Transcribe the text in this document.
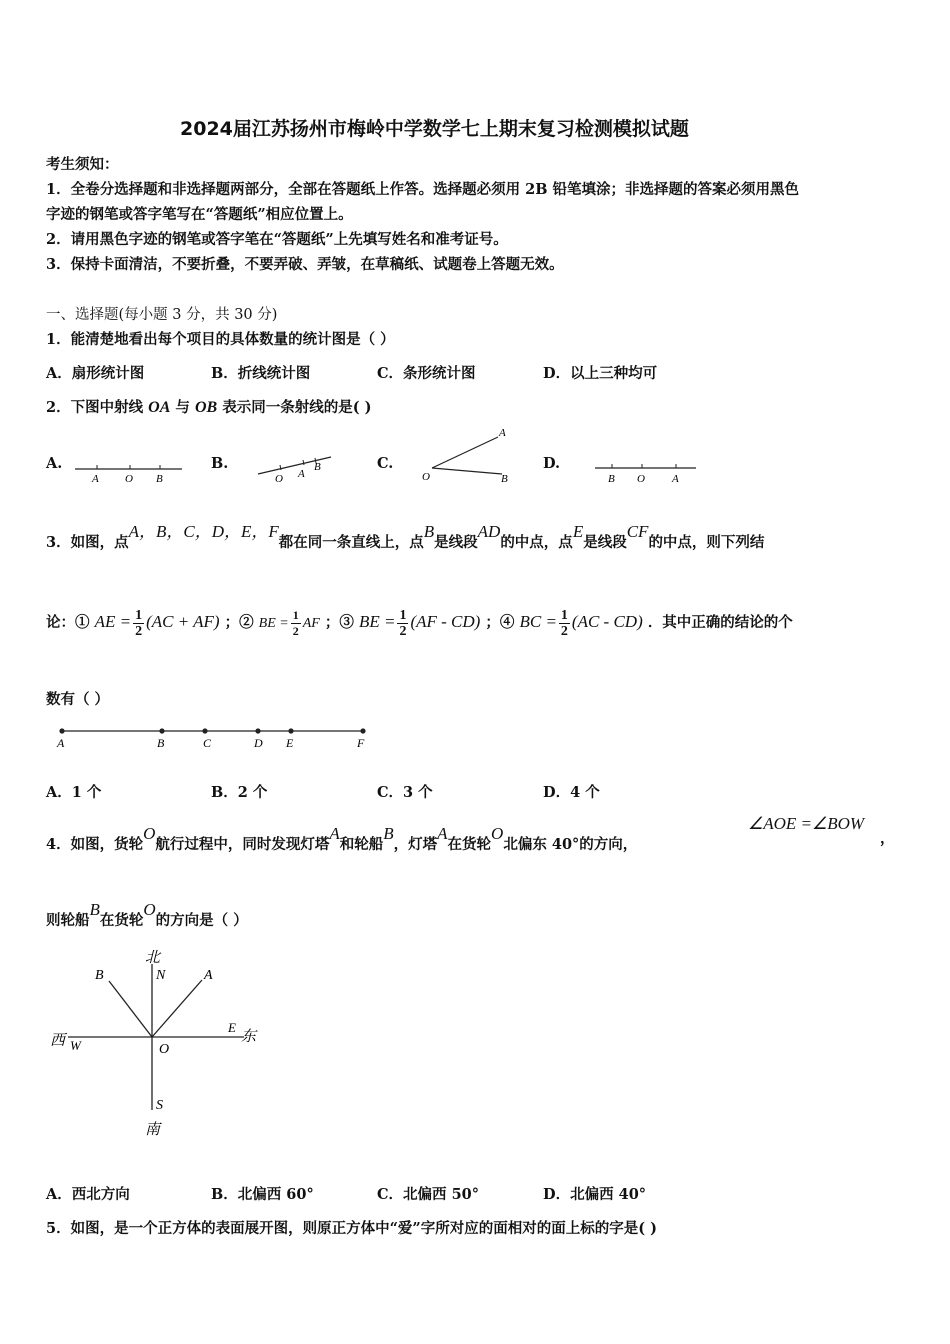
2024届江苏扬州市梅岭中学数学七上期末复习检测模拟试题
考生须知：
1．全卷分选择题和非选择题两部分，全部在答题纸上作答。选择题必须用 2B 铅笔填涂；非选择题的答案必须用黑色
字迹的钢笔或答字笔写在“答题纸”相应位置上。
2．请用黑色字迹的钢笔或答字笔在“答题纸”上先填写姓名和准考证号。
3．保持卡面清洁，不要折叠，不要弄破、弄皱，在草稿纸、试题卷上答题无效。
一、选择题(每小题 3 分，共 30 分)
1．能清楚地看出每个项目的具体数量的统计图是（ ）
A．扇形统计图	B．折线统计图	C．条形统计图	D．以上三种均可
2．下图中射线 OA 与 OB 表示同一条射线的是( )
A.
A O B
B.
O A
B	C.
A
O	B
D.
B O A
3．如图，点A，B，C，D，E，F都在同一条直线上，点B是线段AD的中点，点E是线段CF的中点，则下列结
论：① AE = $\frac{1}{2} (AC + AF)$ ；② BE = $\frac{1}{2}$ AF ；③ BE = $\frac{1}{2} (AF - CD)$ ；④ BC = $\frac{1}{2} (AC - CD)$ ．其中正确的结论的个
数有（ ）
A	B	C	D E	F
A．1 个	B．2 个	C．3 个	D．4 个
4．如图，货轮O航行过程中，同时发现灯塔A和轮船B，灯塔A在货轮O北偏东 40°的方向，
∠AOE =∠BOW
，
则轮船B在货轮O的方向是（ ）
北
N
B	A
E
东
西 W	O
S
南
A．西北方向	B．北偏西 60°	C．北偏西 50°	D．北偏西 40°
5．如图，是一个正方体的表面展开图，则原正方体中“爱”字所对应的面相对的面上标的字是( )
